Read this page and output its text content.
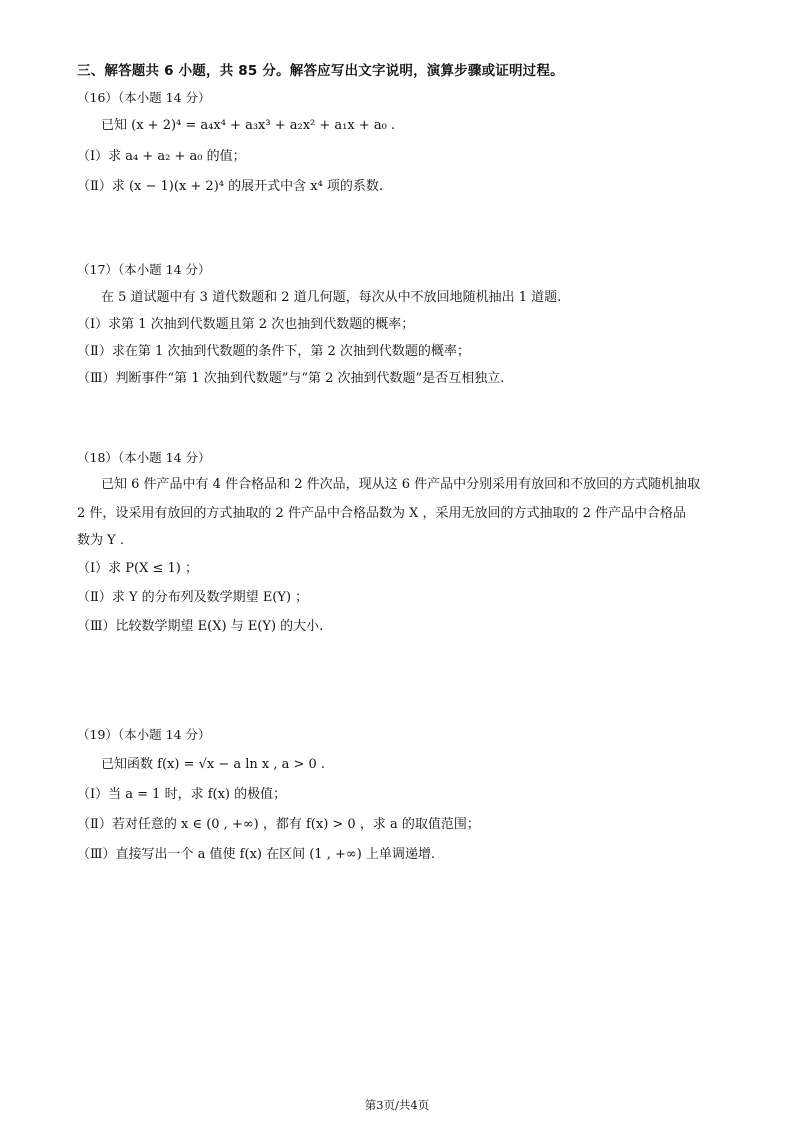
三、解答题共 6 小题，共 85 分。解答应写出文字说明，演算步骤或证明过程。
（16）（本小题 14 分）
已知 (x + 2)⁴ = a₄x⁴ + a₃x³ + a₂x² + a₁x + a₀ .
（Ⅰ）求 a₄ + a₂ + a₀ 的值；
（Ⅱ）求 (x − 1)(x + 2)⁴ 的展开式中含 x⁴ 项的系数.
（17）（本小题 14 分）
在 5 道试题中有 3 道代数题和 2 道几何题，每次从中不放回地随机抽出 1 道题.
（Ⅰ）求第 1 次抽到代数题且第 2 次也抽到代数题的概率；
（Ⅱ）求在第 1 次抽到代数题的条件下，第 2 次抽到代数题的概率；
（Ⅲ）判断事件“第 1 次抽到代数题”与“第 2 次抽到代数题”是否互相独立.
（18）（本小题 14 分）
已知 6 件产品中有 4 件合格品和 2 件次品，现从这 6 件产品中分别采用有放回和不放回的方式随机抽取
2 件，设采用有放回的方式抽取的 2 件产品中合格品数为 X ，采用无放回的方式抽取的 2 件产品中合格品
数为 Y .
（Ⅰ）求 P(X ≤ 1) ；
（Ⅱ）求 Y 的分布列及数学期望 E(Y) ；
（Ⅲ）比较数学期望 E(X) 与 E(Y) 的大小.
（19）（本小题 14 分）
已知函数 f(x) = √x − a ln x , a > 0 .
（Ⅰ）当 a = 1 时，求 f(x) 的极值；
（Ⅱ）若对任意的 x ∈ (0 , +∞) ，都有 f(x) > 0 ，求 a 的取值范围；
（Ⅲ）直接写出一个 a 值使 f(x) 在区间 (1 , +∞) 上单调递增.
第3页/共4页
